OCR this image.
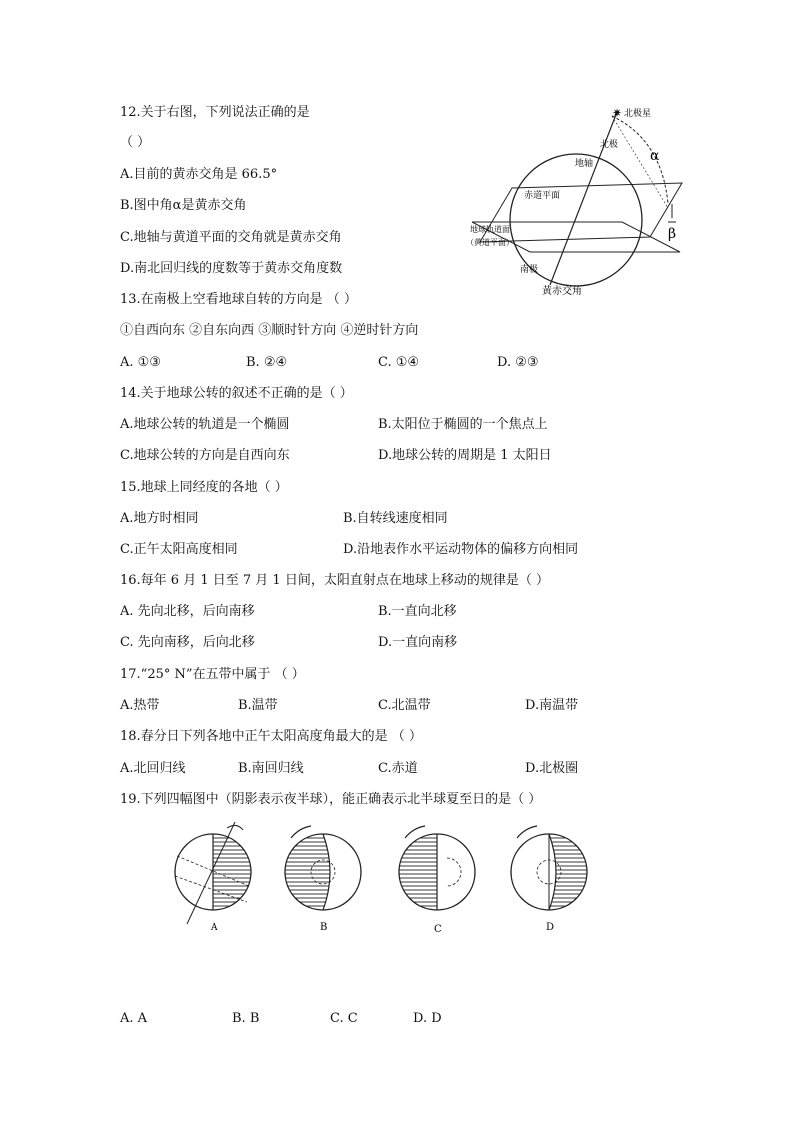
12.关于右图，下列说法正确的是
（ ）
A.目前的黄赤交角是 66.5°
B.图中角α是黄赤交角
C.地轴与黄道平面的交角就是黄赤交角
D.南北回归线的度数等于黄赤交角度数
✷ 北极星
北极
地轴
赤道平面
地球轨道面
（黄道平面）
南极
α
β
黄赤交角
13.在南极上空看地球自转的方向是 （ ）
①自西向东 ②自东向西 ③顺时针方向 ④逆时针方向
A. ①③	B. ②④	C. ①④	D. ②③
14.关于地球公转的叙述不正确的是（ ）
A.地球公转的轨道是一个椭圆	B.太阳位于椭圆的一个焦点上
C.地球公转的方向是自西向东	D.地球公转的周期是 1 太阳日
15.地球上同经度的各地（ ）
A.地方时相同	B.自转线速度相同
C.正午太阳高度相同	D.沿地表作水平运动物体的偏移方向相同
16.每年 6 月 1 日至 7 月 1 日间，太阳直射点在地球上移动的规律是（ ）
A. 先向北移，后向南移	B.一直向北移
C. 先向南移，后向北移	D.一直向南移
17.“25° N”在五带中属于 （ ）
A.热带	B.温带	C.北温带	D.南温带
18.春分日下列各地中正午太阳高度角最大的是 （ ）
A.北回归线	B.南回归线	C.赤道	D.北极圈
19.下列四幅图中（阴影表示夜半球），能正确表示北半球夏至日的是（ ）
A	B	C	D
A. A	B. B	C. C	D. D
